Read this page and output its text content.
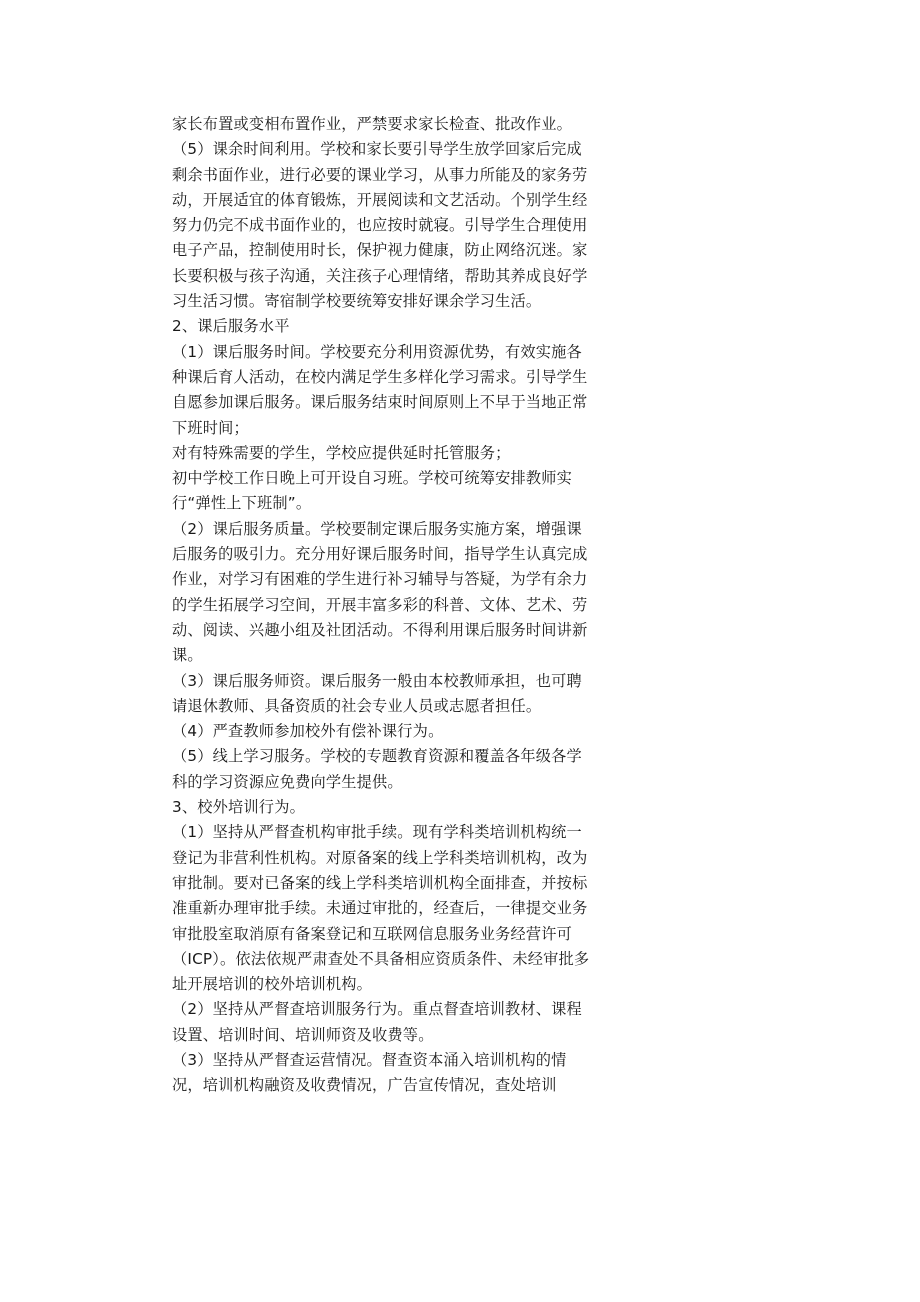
家长布置或变相布置作业，严禁要求家长检查、批改作业。

（5）课余时间利用。学校和家长要引导学生放学回家后完成剩余书面作业，进行必要的课业学习，从事力所能及的家务劳动，开展适宜的体育锻炼，开展阅读和文艺活动。个别学生经努力仍完不成书面作业的，也应按时就寝。引导学生合理使用电子产品，控制使用时长，保护视力健康，防止网络沉迷。家长要积极与孩子沟通，关注孩子心理情绪，帮助其养成良好学习生活习惯。寄宿制学校要统筹安排好课余学习生活。

2、课后服务水平

（1）课后服务时间。学校要充分利用资源优势，有效实施各种课后育人活动，在校内满足学生多样化学习需求。引导学生自愿参加课后服务。课后服务结束时间原则上不早于当地正常下班时间；

对有特殊需要的学生，学校应提供延时托管服务；

初中学校工作日晚上可开设自习班。学校可统筹安排教师实行“弹性上下班制”。

（2）课后服务质量。学校要制定课后服务实施方案，增强课后服务的吸引力。充分用好课后服务时间，指导学生认真完成作业，对学习有困难的学生进行补习辅导与答疑，为学有余力的学生拓展学习空间，开展丰富多彩的科普、文体、艺术、劳动、阅读、兴趣小组及社团活动。不得利用课后服务时间讲新课。

（3）课后服务师资。课后服务一般由本校教师承担，也可聘请退休教师、具备资质的社会专业人员或志愿者担任。

（4）严查教师参加校外有偿补课行为。

（5）线上学习服务。学校的专题教育资源和覆盖各年级各学科的学习资源应免费向学生提供。

3、校外培训行为。

（1）坚持从严督查机构审批手续。现有学科类培训机构统一登记为非营利性机构。对原备案的线上学科类培训机构，改为审批制。要对已备案的线上学科类培训机构全面排查，并按标准重新办理审批手续。未通过审批的，经查后，一律提交业务审批股室取消原有备案登记和互联网信息服务业务经营许可（ICP）。依法依规严肃查处不具备相应资质条件、未经审批多址开展培训的校外培训机构。

（2）坚持从严督查培训服务行为。重点督查培训教材、课程设置、培训时间、培训师资及收费等。

（3）坚持从严督查运营情况。督查资本涌入培训机构的情况，培训机构融资及收费情况，广告宣传情况，查处培训
